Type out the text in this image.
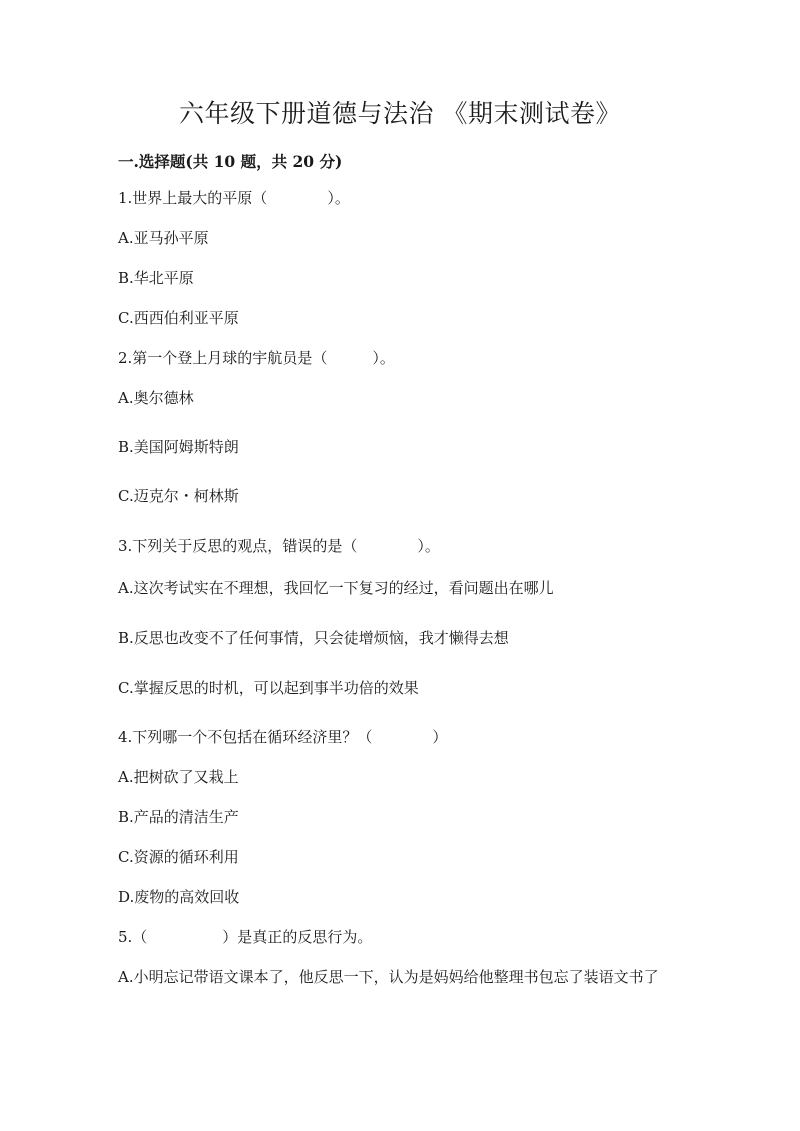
六年级下册道德与法治 《期末测试卷》
一.选择题(共 10 题，共 20 分)
1.世界上最大的平原（　　　　）。
A.亚马孙平原
B.华北平原
C.西西伯利亚平原
2.第一个登上月球的宇航员是（　　　）。
A.奥尔德林
B.美国阿姆斯特朗
C.迈克尔・柯林斯
3.下列关于反思的观点，错误的是（　　　　）。
A.这次考试实在不理想，我回忆一下复习的经过，看问题出在哪儿
B.反思也改变不了任何事情，只会徒增烦恼，我才懒得去想
C.掌握反思的时机，可以起到事半功倍的效果
4.下列哪一个不包括在循环经济里？（　　　　）
A.把树砍了又栽上
B.产品的清洁生产
C.资源的循环利用
D.废物的高效回收
5.（　　　　　）是真正的反思行为。
A.小明忘记带语文课本了，他反思一下，认为是妈妈给他整理书包忘了装语文书了
